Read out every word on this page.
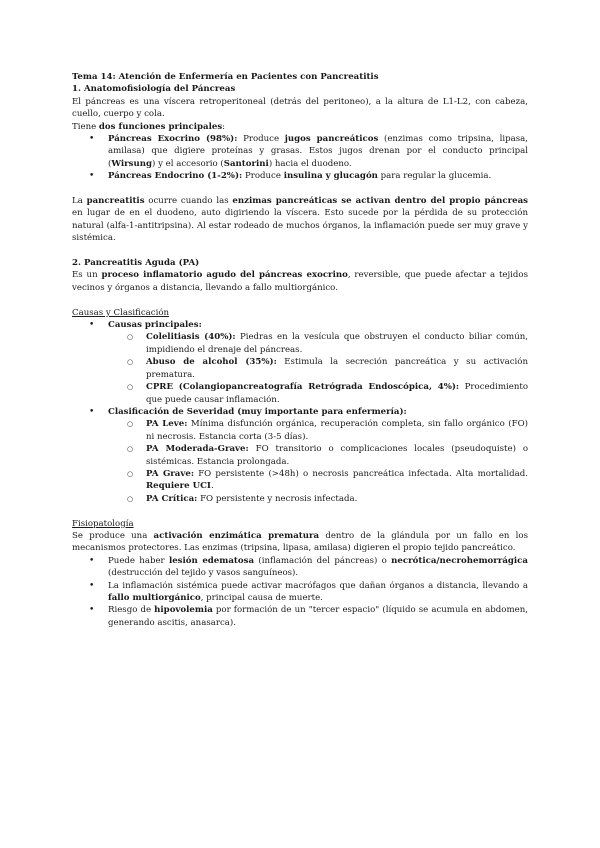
Tema 14: Atención de Enfermería en Pacientes con Pancreatitis

1. Anatomofisiología del Páncreas

El páncreas es una víscera retroperitoneal (detrás del peritoneo), a la altura de L1-L2, con cabeza, cuello, cuerpo y cola.

Tiene dos funciones principales:

• Páncreas Exocrino (98%): Produce jugos pancreáticos (enzimas como tripsina, lipasa, amilasa) que digiere proteínas y grasas. Estos jugos drenan por el conducto principal (Wirsung) y el accesorio (Santorini) hacia el duodeno.
• Páncreas Endocrino (1-2%): Produce insulina y glucagón para regular la glucemia.

La pancreatitis ocurre cuando las enzimas pancreáticas se activan dentro del propio páncreas en lugar de en el duodeno, auto digiriendo la víscera. Esto sucede por la pérdida de su protección natural (alfa-1-antitripsina). Al estar rodeado de muchos órganos, la inflamación puede ser muy grave y sistémica.

2. Pancreatitis Aguda (PA)

Es un proceso inflamatorio agudo del páncreas exocrino, reversible, que puede afectar a tejidos vecinos y órganos a distancia, llevando a fallo multiorgánico.

Causas y Clasificación

• Causas principales:
○ Colelitiasis (40%): Piedras en la vesícula que obstruyen el conducto biliar común, impidiendo el drenaje del páncreas.
○ Abuso de alcohol (35%): Estimula la secreción pancreática y su activación prematura.
○ CPRE (Colangiopancreatografía Retrógrada Endoscópica, 4%): Procedimiento que puede causar inflamación.
• Clasificación de Severidad (muy importante para enfermería):
○ PA Leve: Mínima disfunción orgánica, recuperación completa, sin fallo orgánico (FO) ni necrosis. Estancia corta (3-5 días).
○ PA Moderada-Grave: FO transitorio o complicaciones locales (pseudoquiste) o sistémicas. Estancia prolongada.
○ PA Grave: FO persistente (>48h) o necrosis pancreática infectada. Alta mortalidad. Requiere UCI.
○ PA Crítica: FO persistente y necrosis infectada.

Fisiopatología

Se produce una activación enzimática prematura dentro de la glándula por un fallo en los mecanismos protectores. Las enzimas (tripsina, lipasa, amilasa) digieren el propio tejido pancreático.

• Puede haber lesión edematosa (inflamación del páncreas) o necrótica/necrohemorrágica (destrucción del tejido y vasos sanguíneos).
• La inflamación sistémica puede activar macrófagos que dañan órganos a distancia, llevando a fallo multiorgánico, principal causa de muerte.
• Riesgo de hipovolemia por formación de un "tercer espacio" (líquido se acumula en abdomen, generando ascitis, anasarca).
